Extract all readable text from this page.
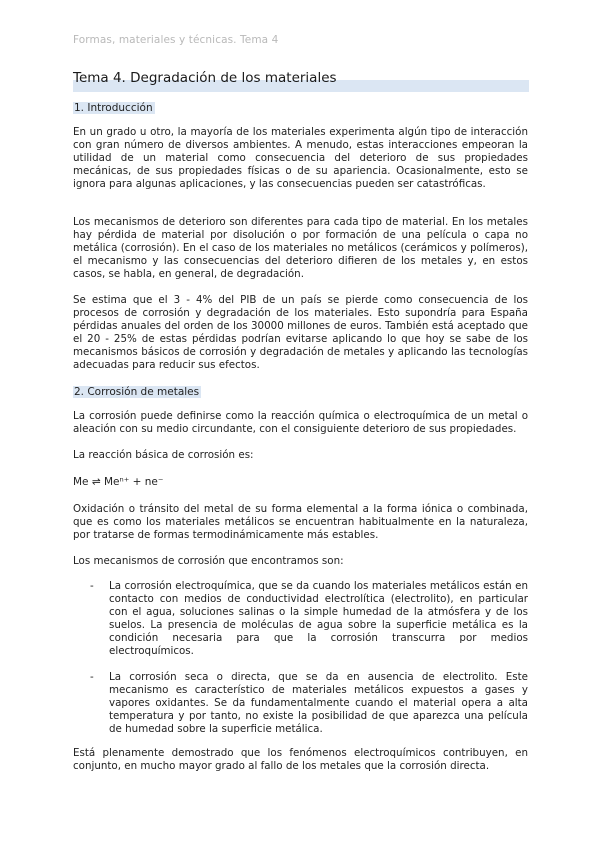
Formas, materiales y técnicas. Tema 4
Tema 4. Degradación de los materiales
1. Introducción
En un grado u otro, la mayoría de los materiales experimenta algún tipo de interacción con gran número de diversos ambientes. A menudo, estas interacciones empeoran la utilidad de un material como consecuencia del deterioro de sus propiedades mecánicas, de sus propiedades físicas o de su apariencia. Ocasionalmente, esto se ignora para algunas aplicaciones, y las consecuencias pueden ser catastróficas.
Los mecanismos de deterioro son diferentes para cada tipo de material. En los metales hay pérdida de material por disolución o por formación de una película o capa no metálica (corrosión). En el caso de los materiales no metálicos (cerámicos y polímeros), el mecanismo y las consecuencias del deterioro difieren de los metales y, en estos casos, se habla, en general, de degradación.
Se estima que el 3 - 4% del PIB de un país se pierde como consecuencia de los procesos de corrosión y degradación de los materiales. Esto supondría para España pérdidas anuales del orden de los 30000 millones de euros. También está aceptado que el 20 - 25% de estas pérdidas podrían evitarse aplicando lo que hoy se sabe de los mecanismos básicos de corrosión y degradación de metales y aplicando las tecnologías adecuadas para reducir sus efectos.
2. Corrosión de metales
La corrosión puede definirse como la reacción química o electroquímica de un metal o aleación con su medio circundante, con el consiguiente deterioro de sus propiedades.
La reacción básica de corrosión es:
Me ⇌ Meⁿ⁺ + ne⁻
Oxidación o tránsito del metal de su forma elemental a la forma iónica o combinada, que es como los materiales metálicos se encuentran habitualmente en la naturaleza, por tratarse de formas termodinámicamente más estables.
Los mecanismos de corrosión que encontramos son:
- La corrosión electroquímica, que se da cuando los materiales metálicos están en contacto con medios de conductividad electrolítica (electrolito), en particular con el agua, soluciones salinas o la simple humedad de la atmósfera y de los suelos. La presencia de moléculas de agua sobre la superficie metálica es la condición necesaria para que la corrosión transcurra por medios electroquímicos.
- La corrosión seca o directa, que se da en ausencia de electrolito. Este mecanismo es característico de materiales metálicos expuestos a gases y vapores oxidantes. Se da fundamentalmente cuando el material opera a alta temperatura y por tanto, no existe la posibilidad de que aparezca una película de humedad sobre la superficie metálica.
Está plenamente demostrado que los fenómenos electroquímicos contribuyen, en conjunto, en mucho mayor grado al fallo de los metales que la corrosión directa.
